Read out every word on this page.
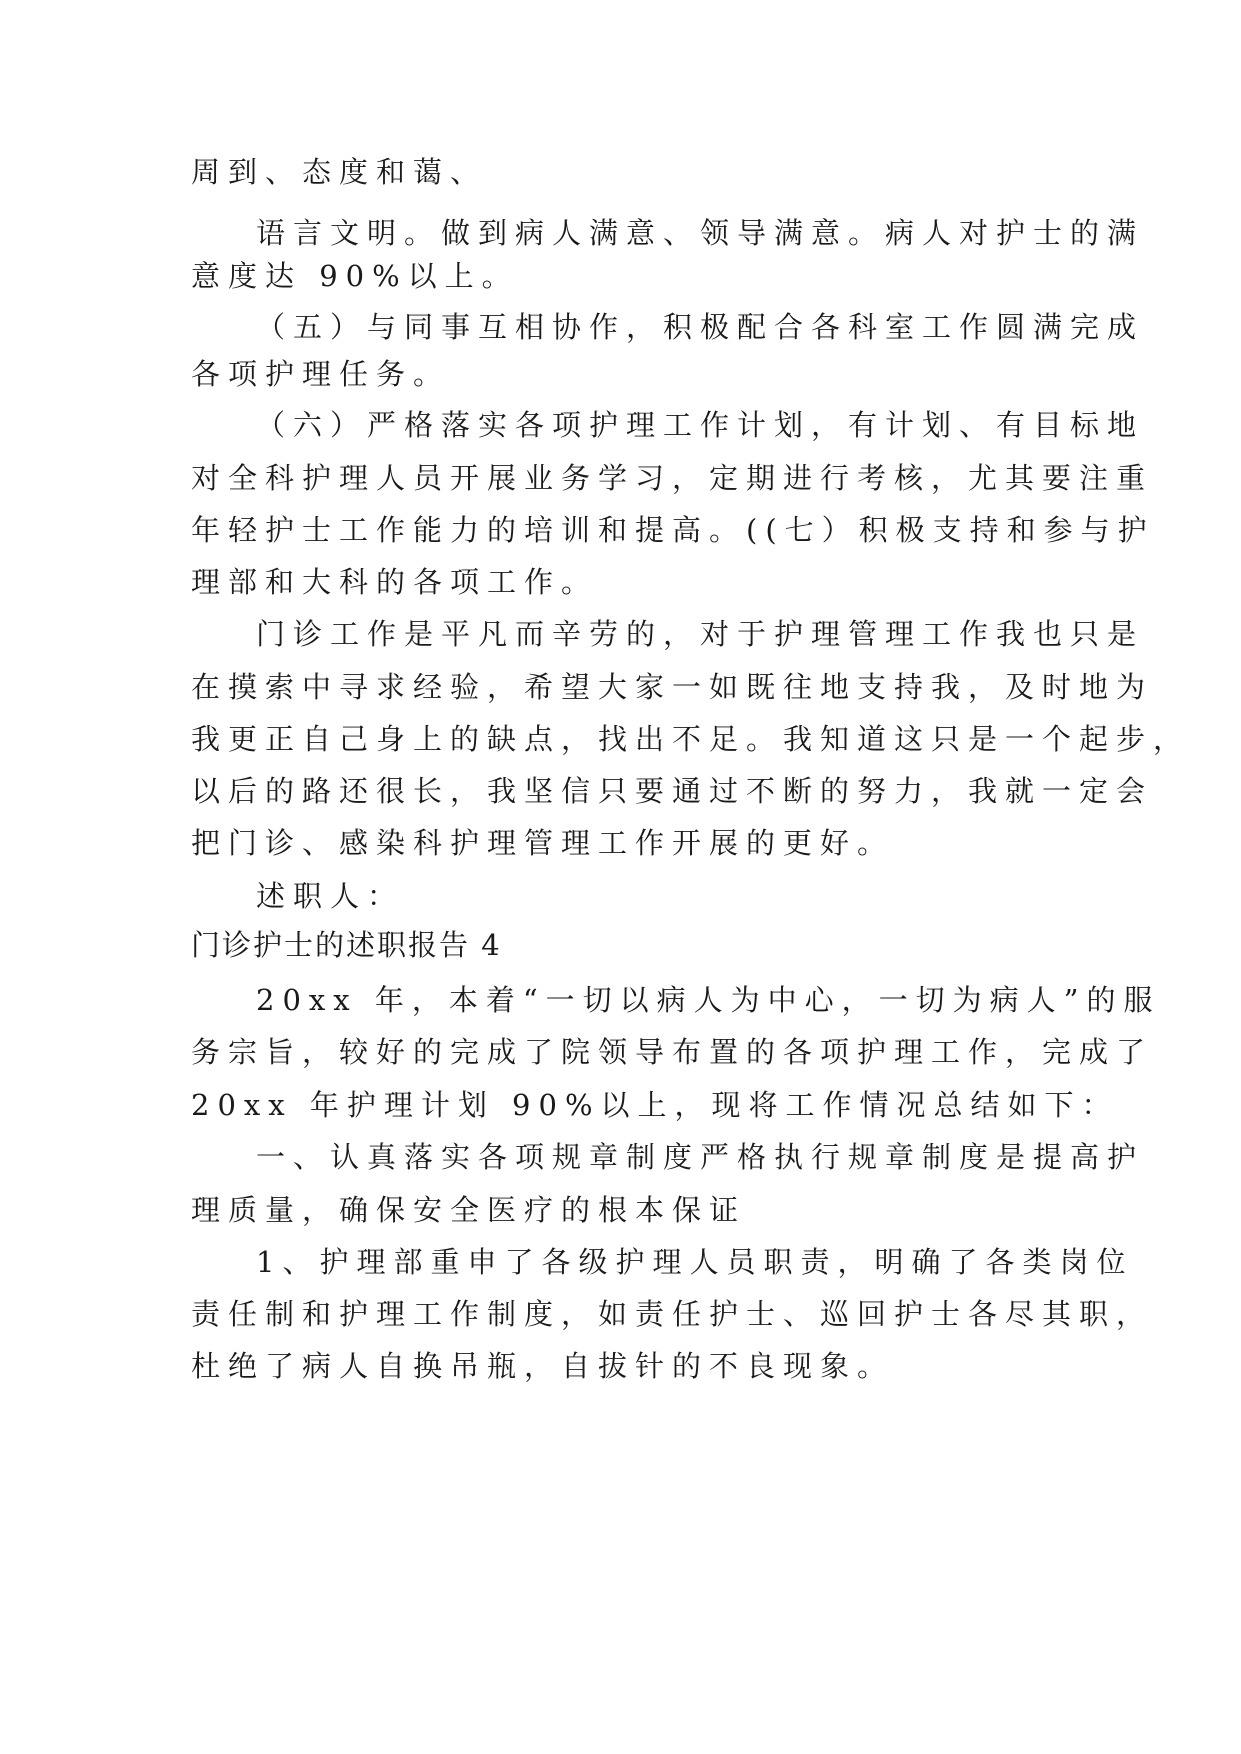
周到、态度和蔼、
语言文明。做到病人满意、领导满意。病人对护士的满
意度达 90%以上。
（五）与同事互相协作，积极配合各科室工作圆满完成
各项护理任务。
（六）严格落实各项护理工作计划，有计划、有目标地
对全科护理人员开展业务学习，定期进行考核，尤其要注重
年轻护士工作能力的培训和提高。((七）积极支持和参与护
理部和大科的各项工作。
门诊工作是平凡而辛劳的，对于护理管理工作我也只是
在摸索中寻求经验，希望大家一如既往地支持我，及时地为
我更正自己身上的缺点，找出不足。我知道这只是一个起步，
以后的路还很长，我坚信只要通过不断的努力，我就一定会
把门诊、感染科护理管理工作开展的更好。
述职人：
门诊护士的述职报告 4
20xx 年，本着“一切以病人为中心，一切为病人”的服
务宗旨，较好的完成了院领导布置的各项护理工作，完成了
20xx 年护理计划 90%以上，现将工作情况总结如下：
一、认真落实各项规章制度严格执行规章制度是提高护
理质量，确保安全医疗的根本保证
1、护理部重申了各级护理人员职责，明确了各类岗位
责任制和护理工作制度，如责任护士、巡回护士各尽其职，
杜绝了病人自换吊瓶，自拔针的不良现象。
